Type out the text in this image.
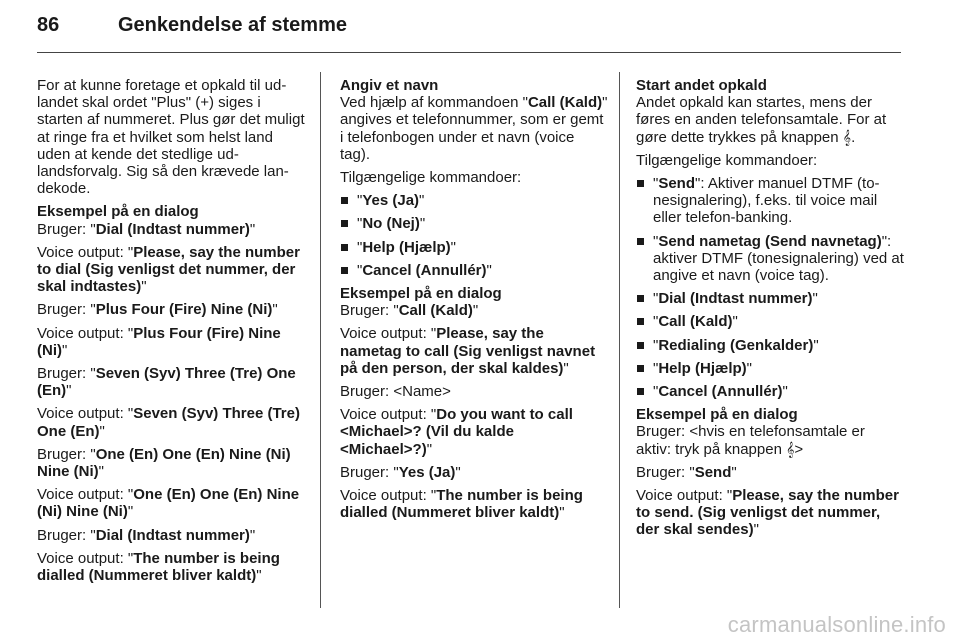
86	Genkendelse af stemme

For at kunne foretage et opkald til ud- landet skal ordet "Plus" (+) siges i starten af nummeret. Plus gør det muligt at ringe fra et hvilket som helst land uden at kende det stedlige ud- landsforvalg. Sig så den krævede lan- dekode.

Eksempel på en dialog

Bruger: "Dial (Indtast nummer)"

Voice output: "Please, say the number to dial (Sig venligst det nummer, der skal indtastes)"

Bruger: "Plus Four (Fire) Nine (Ni)"

Voice output: "Plus Four (Fire) Nine (Ni)"

Bruger: "Seven (Syv) Three (Tre) One (En)"

Voice output: "Seven (Syv) Three (Tre) One (En)"

Bruger: "One (En) One (En) Nine (Ni) Nine (Ni)"

Voice output: "One (En) One (En) Nine (Ni) Nine (Ni)"

Bruger: "Dial (Indtast nummer)"

Voice output: "The number is being dialled (Nummeret bliver kaldt)"

Angiv et navn

Ved hjælp af kommandoen "Call (Kald)" angives et telefonnummer, som er gemt i telefonbogen under et navn (voice tag).

Tilgængelige kommandoer:

"Yes (Ja)"
"No (Nej)"
"Help (Hjælp)"
"Cancel (Annullér)"
Eksempel på en dialog

Bruger: "Call (Kald)"

Voice output: "Please, say the nametag to call (Sig venligst navnet på den person, der skal kaldes)"

Bruger: <Name>

Voice output: "Do you want to call <Michael>? (Vil du kalde <Michael>?)"

Bruger: "Yes (Ja)"

Voice output: "The number is being dialled (Nummeret bliver kaldt)"

Start andet opkald

Andet opkald kan startes, mens der føres en anden telefonsamtale. For at gøre dette trykkes på knappen 𝄞.

Tilgængelige kommandoer:

"Send": Aktiver manuel DTMF (to- nesignalering), f.eks. til voice mail eller telefon-banking.
"Send nametag (Send navnetag)": aktiver DTMF (tonesignalering) ved at angive et navn (voice tag).
"Dial (Indtast nummer)"
"Call (Kald)"
"Redialing (Genkalder)"
"Help (Hjælp)"
"Cancel (Annullér)"
Eksempel på en dialog

Bruger: <hvis en telefonsamtale er aktiv: tryk på knappen 𝄞>

Bruger: "Send"

Voice output: "Please, say the number to send. (Sig venligst det nummer, der skal sendes)"

carmanualsonline.info
